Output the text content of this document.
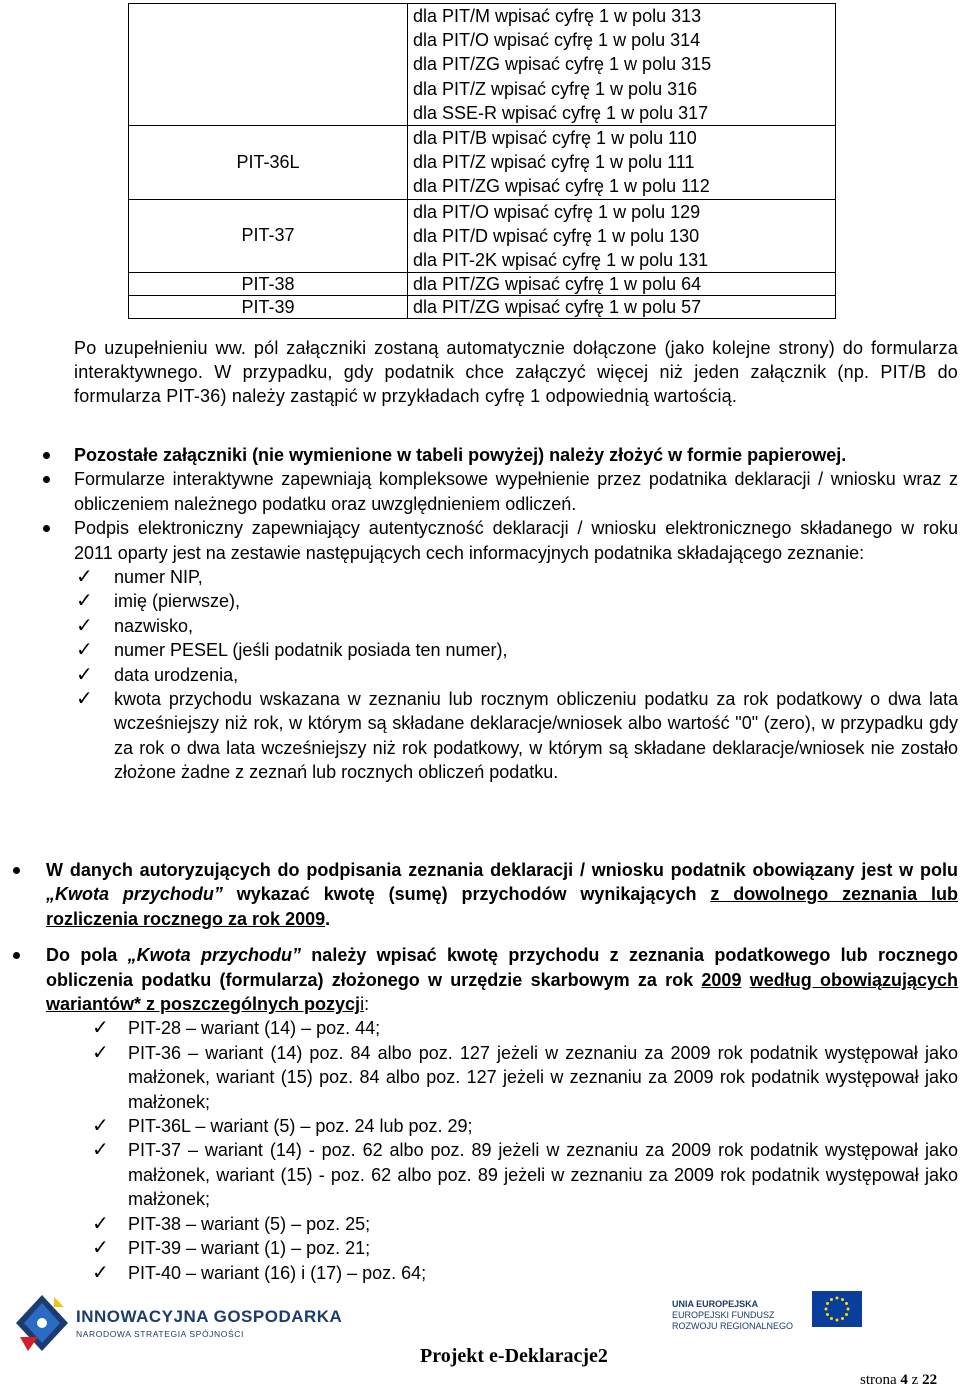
	dla PIT/M wpisać cyfrę 1 w polu 313
dla PIT/O wpisać cyfrę 1 w polu 314
dla PIT/ZG wpisać cyfrę 1 w polu 315
dla PIT/Z wpisać cyfrę 1 w polu 316
dla SSE-R wpisać cyfrę 1 w polu 317

PIT-36L	dla PIT/B wpisać cyfrę 1 w polu 110
dla PIT/Z wpisać cyfrę 1 w polu 111
dla PIT/ZG wpisać cyfrę 1 w polu 112

PIT-37	dla PIT/O wpisać cyfrę 1 w polu 129
dla PIT/D wpisać cyfrę 1 w polu 130
dla PIT-2K wpisać cyfrę 1 w polu 131

PIT-38	dla PIT/ZG wpisać cyfrę 1 w polu 64
PIT-39	dla PIT/ZG wpisać cyfrę 1 w polu 57
Po uzupełnieniu ww. pól załączniki zostaną automatycznie dołączone (jako kolejne strony) do formularza interaktywnego. W przypadku, gdy podatnik chce załączyć więcej niż jeden załącznik (np. PIT/B do formularza PIT-36) należy zastąpić w przykładach cyfrę 1 odpowiednią wartością.
Pozostałe załączniki (nie wymienione w tabeli powyżej) należy złożyć w formie papierowej.
Formularze interaktywne zapewniają kompleksowe wypełnienie przez podatnika deklaracji / wniosku wraz z obliczeniem należnego podatku oraz uwzględnieniem odliczeń.
Podpis elektroniczny zapewniający autentyczność deklaracji / wniosku elektronicznego składanego w roku 2011 oparty jest na zestawie następujących cech informacyjnych podatnika składającego zeznanie:
✓ numer NIP,
✓ imię (pierwsze),
✓ nazwisko,
✓ numer PESEL (jeśli podatnik posiada ten numer),
✓ data urodzenia,
✓ kwota przychodu wskazana w zeznaniu lub rocznym obliczeniu podatku za rok podatkowy o dwa lata wcześniejszy niż rok, w którym są składane deklaracje/wniosek albo wartość "0" (zero), w przypadku gdy za rok o dwa lata wcześniejszy niż rok podatkowy, w którym są składane deklaracje/wniosek nie zostało złożone żadne z zeznań lub rocznych obliczeń podatku.
W danych autoryzujących do podpisania zeznania deklaracji / wniosku podatnik obowiązany jest w polu „Kwota przychodu” wykazać kwotę (sumę) przychodów wynikających z dowolnego zeznania lub rozliczenia rocznego za rok 2009.
Do pola „Kwota przychodu” należy wpisać kwotę przychodu z zeznania podatkowego lub rocznego obliczenia podatku (formularza) złożonego w urzędzie skarbowym za rok 2009 według obowiązujących wariantów* z poszczególnych pozycji:
✓ PIT-28 – wariant (14) – poz. 44;
✓ PIT-36 – wariant (14) poz. 84 albo poz. 127 jeżeli w zeznaniu za 2009 rok podatnik występował jako małżonek, wariant (15) poz. 84 albo poz. 127 jeżeli w zeznaniu za 2009 rok podatnik występował jako małżonek;
✓ PIT-36L – wariant (5) – poz. 24 lub poz. 29;
✓ PIT-37 – wariant (14) - poz. 62 albo poz. 89 jeżeli w zeznaniu za 2009 rok podatnik występował jako małżonek, wariant (15) - poz. 62 albo poz. 89 jeżeli w zeznaniu za 2009 rok podatnik występował jako małżonek;
✓ PIT-38 – wariant (5) – poz. 25;
✓ PIT-39 – wariant (1) – poz. 21;
✓ PIT-40 – wariant (16) i (17) – poz. 64;
INNOWACYJNA GOSPODARKA
NARODOWA STRATEGIA SPÓJNOŚCI
UNIA EUROPEJSKA
EUROPEJSKI FUNDUSZ
ROZWOJU REGIONALNEGO
Projekt e-Deklaracje2
strona 4 z 22
